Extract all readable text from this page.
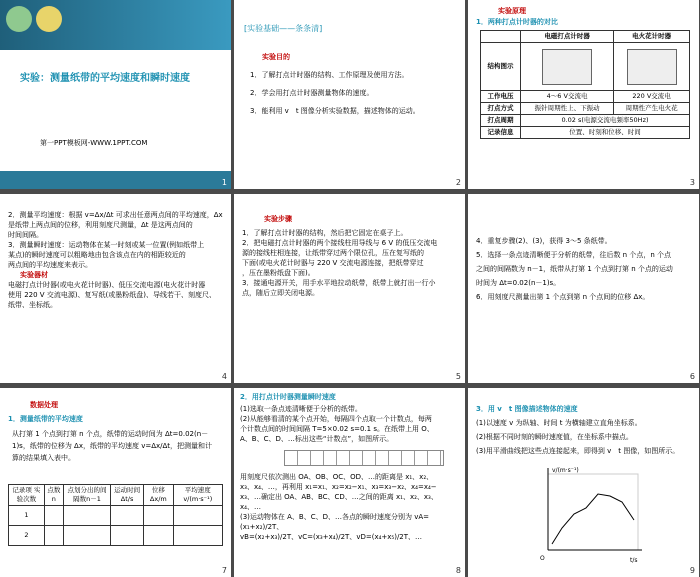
实验：测量纸带的平均速度和瞬时速度
第一PPT模板网-WWW.1PPT.COM
1
[实验基础——条条清]
实验目的
1．了解打点计时器的结构、工作原理及使用方法。
2．学会用打点计时器测量物体的速度。
3．能利用 v　t 图像分析实验数据，描述物体的运动。
2
实验原理
1．两种打点计时器的对比
	电磁打点计时器	电火花计时器
结构图示	

工作电压	4～6 V交流电	220 V交流电
打点方式	振针周期性上、下振动	周期性产生电火花
打点周期	0.02 s(电源交流电频率50Hz)	
记录信息	位置、时刻和位移、时间	
3
2．测量平均速度：根据 v=Δx/Δt 可求出任意两点间的平均速度，Δx
是纸带上两点间的位移，利用刻度尺测量，Δt 是这两点间的
时间间隔。
3．测量瞬时速度：运动物体在某一时刻或某一位置(例如纸带上
某点)的瞬时速度可以粗略地由包含该点在内的相距较近的
两点间的平均速度来表示。
实验器材
电磁打点计时器(或电火花计时器)、低压交流电源(电火花计时器
使用 220 V 交流电源)、复写纸(或墨粉纸盘)、导线若干、刻度尺、
纸带、坐标纸。
4
实验步骤
1．了解打点计时器的结构，然后把它固定在桌子上。
2．把电磁打点计时器的两个接线柱用导线与 6 V 的低压交流电
源的接线柱相连接，让纸带穿过两个限位孔，压在复写纸的
下面(或电火花计时器与 220 V 交流电源连接，把纸带穿过
，压在墨粉纸盘下面)。
3．接通电源开关，用手水平地拉动纸带，纸带上就打出一行小
点，随后立即关闭电源。
5
4．重复步骤(2)、(3)，获得 3～5 条纸带。
5．选择一条点迹清晰便于分析的纸带，往后数 n 个点，n 个点
之间的间隔数为 n－1，纸带从打第 1 个点到打第 n 个点的运动
时间为 Δt=0.02(n－1)s。
6．用刻度尺测量出第 1 个点到第 n 个点间的位移 Δx。
6
数据处理
1．测量纸带的平均速度
从打第 1 个点到打第 n 个点，纸带的运动时间为 Δt=0.02(n－
1)s，纸带的位移为 Δx，纸带的平均速度 v=Δx/Δt，把测量和计
算的结果填入表中。
记录项 实验次数	点数 n	点划分出的间隔数n－1	运动时间Δt/s	位移Δx/m	平均速度v/(m·s⁻¹)
1					
2					
7
2．用打点计时器测量瞬时速度
(1)选取一条点迹清晰便于分析的纸带。
(2)从能够看清的某个点开始，每隔四个点取一个计数点，每两
个计数点间的时间间隔 T=5×0.02 s=0.1 s。在纸带上用 O、
A、B、C、D、…标出这些“计数点”，如图所示。
用刻度尺依次测出 OA、OB、OC、OD、…的距离是 x₁、x₂、
x₃、x₄、…，再利用 x₁=x₁、x₂=x₂−x₁、x₃=x₃−x₂、x₄=x₄−
x₃、…确定出 OA、AB、BC、CD、…之间的距离 x₁、x₂、x₃、
x₄、…
(3)运动物体在 A、B、C、D、…各点的瞬时速度分别为 vA=(x₁+x₂)/2T、
vB=(x₂+x₃)/2T、vC=(x₃+x₄)/2T、vD=(x₄+x₅)/2T、…
8
3．用 v　t 图像描述物体的速度
(1)以速度 v 为纵轴、时间 t 为横轴建立直角坐标系。
(2)根据不同时刻的瞬时速度值，在坐标系中描点。
(3)用平滑曲线把这些点连接起来，即得到 v　t 图像，如图所示。
v/(m·s⁻¹)
t/s
O
9
